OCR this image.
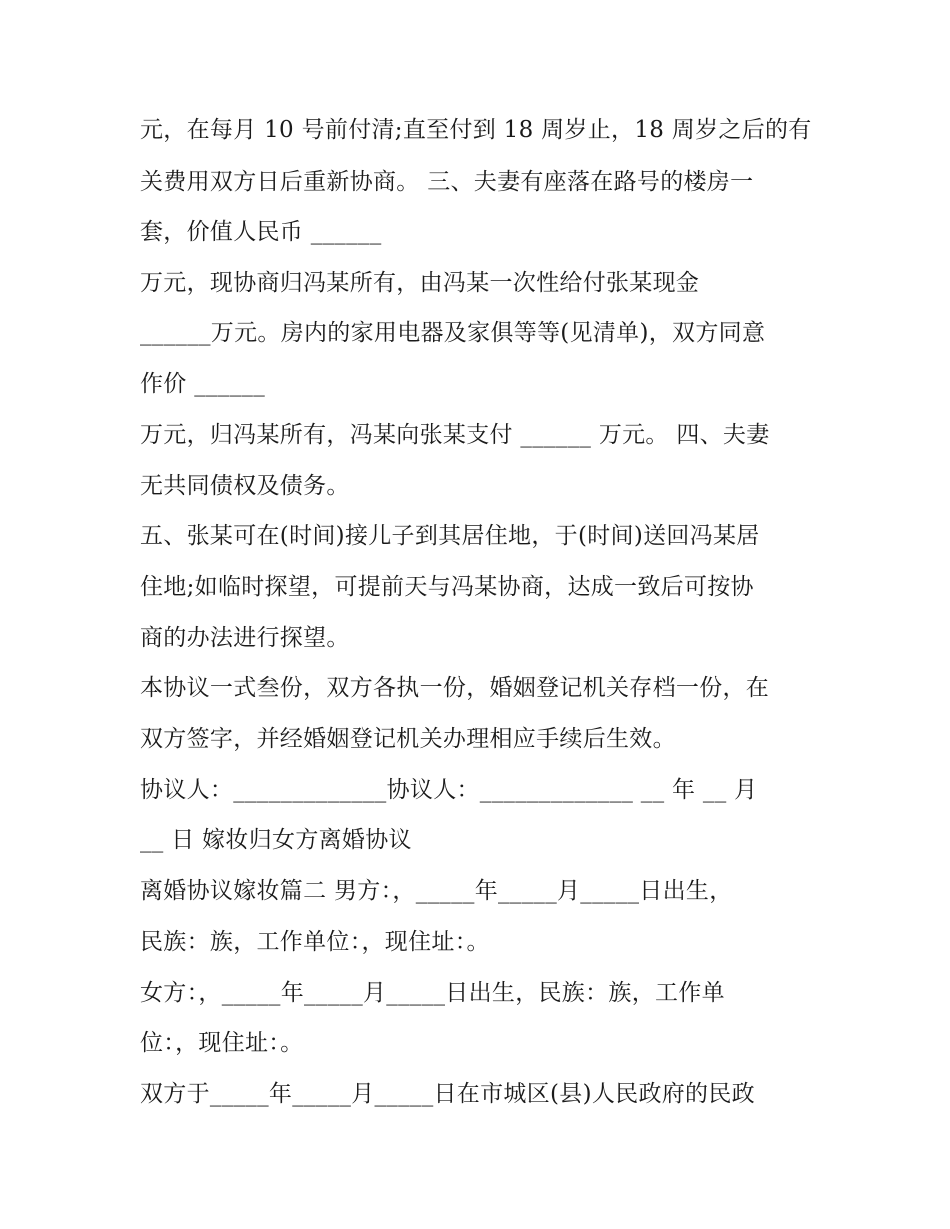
元，在每月 10 号前付清;直至付到 18 周岁止，18 周岁之后的有
关费用双方日后重新协商。 三、夫妻有座落在路号的楼房一
套，价值人民币 ______
万元，现协商归冯某所有，由冯某一次性给付张某现金
______万元。房内的家用电器及家俱等等(见清单)，双方同意
作价 ______
万元，归冯某所有，冯某向张某支付 ______ 万元。 四、夫妻
无共同债权及债务。
五、张某可在(时间)接儿子到其居住地，于(时间)送回冯某居
住地;如临时探望，可提前天与冯某协商，达成一致后可按协
商的办法进行探望。
本协议一式叁份，双方各执一份，婚姻登记机关存档一份，在
双方签字，并经婚姻登记机关办理相应手续后生效。
协议人：_____________协议人：_____________ __ 年 __ 月
__ 日 嫁妆归女方离婚协议
离婚协议嫁妆篇二 男方：，_____年_____月_____日出生，
民族：族，工作单位：，现住址：。
女方：，_____年_____月_____日出生，民族：族，工作单
位：，现住址：。
双方于_____年_____月_____日在市城区(县)人民政府的民政
